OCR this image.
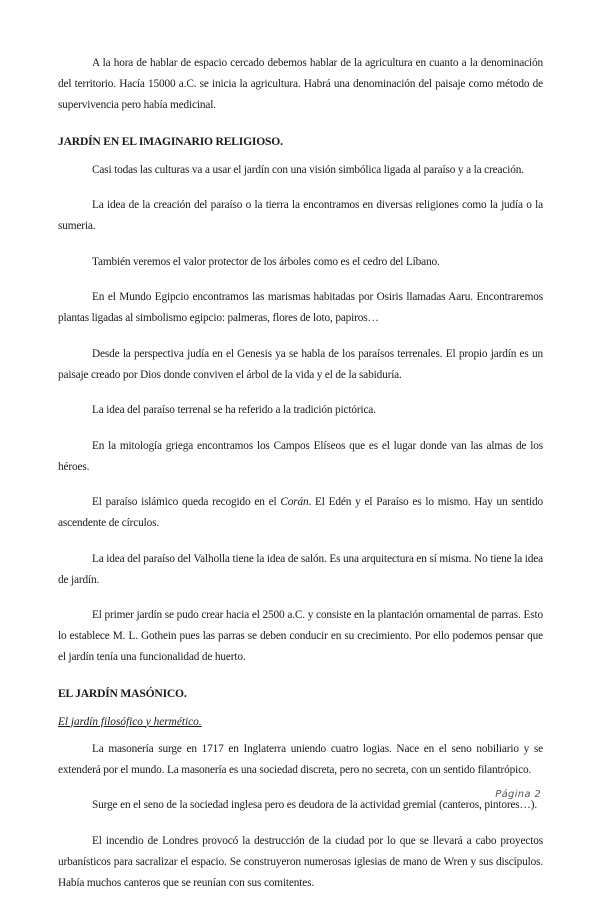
A la hora de hablar de espacio cercado debemos hablar de la agricultura en cuanto a la denominación del territorio. Hacía 15000 a.C. se inicia la agricultura. Habrá una denominación del paisaje como método de supervivencia pero había medicinal.

JARDÍN EN EL IMAGINARIO RELIGIOSO.

Casi todas las culturas va a usar el jardín con una visión simbólica ligada al paraíso y a la creación.

La idea de la creación del paraíso o la tierra la encontramos en diversas religiones como la judía o la sumeria.

También veremos el valor protector de los árboles como es el cedro del Líbano.

En el Mundo Egipcio encontramos las marismas habitadas por Osiris llamadas Aaru. Encontraremos plantas ligadas al simbolismo egipcio: palmeras, flores de loto, papiros…

Desde la perspectiva judía en el Genesis ya se habla de los paraísos terrenales. El propio jardín es un paisaje creado por Dios donde conviven el árbol de la vida y el de la sabiduría.

La idea del paraíso terrenal se ha referido a la tradición pictórica.

En la mitología griega encontramos los Campos Elíseos que es el lugar donde van las almas de los héroes.

El paraíso islámico queda recogido en el Corán. El Edén y el Paraíso es lo mismo. Hay un sentido ascendente de círculos.

La idea del paraíso del Valholla tiene la idea de salón. Es una arquitectura en sí misma. No tiene la idea de jardín.

El primer jardín se pudo crear hacia el 2500 a.C. y consiste en la plantación ornamental de parras. Esto lo establece M. L. Gothein pues las parras se deben conducir en su crecimiento. Por ello podemos pensar que el jardín tenía una funcionalidad de huerto.

EL JARDÍN MASÓNICO.
El jardín filosófico y hermético.

La masonería surge en 1717 en Inglaterra uniendo cuatro logias. Nace en el seno nobiliario y se extenderá por el mundo. La masonería es una sociedad discreta, pero no secreta, con un sentido filantrópico.

Surge en el seno de la sociedad inglesa pero es deudora de la actividad gremial (canteros, pintores…).

El incendio de Londres provocó la destrucción de la ciudad por lo que se llevará a cabo proyectos urbanísticos para sacralizar el espacio. Se construyeron numerosas iglesias de mano de Wren y sus discípulos. Había muchos canteros que se reunían con sus comitentes.

Página 2
